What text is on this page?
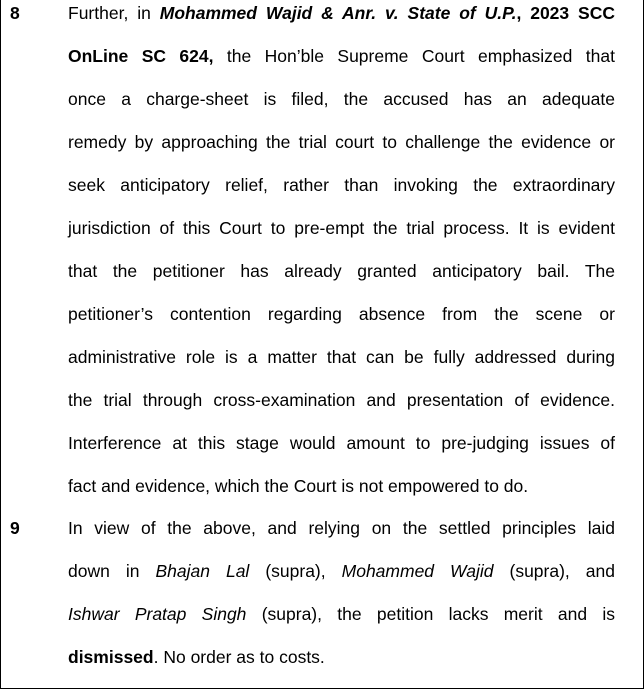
8	Further, in Mohammed Wajid & Anr. v. State of U.P., 2023 SCC
OnLine SC 624, the Hon’ble Supreme Court emphasized that
once a charge-sheet is filed, the accused has an adequate
remedy by approaching the trial court to challenge the evidence or
seek anticipatory relief, rather than invoking the extraordinary
jurisdiction of this Court to pre-empt the trial process. It is evident
that the petitioner has already granted anticipatory bail. The
petitioner’s contention regarding absence from the scene or
administrative role is a matter that can be fully addressed during
the trial through cross-examination and presentation of evidence.
Interference at this stage would amount to pre-judging issues of
fact and evidence, which the Court is not empowered to do.
9	In view of the above, and relying on the settled principles laid
down in Bhajan Lal (supra), Mohammed Wajid (supra), and
Ishwar Pratap Singh (supra), the petition lacks merit and is
dismissed. No order as to costs.
